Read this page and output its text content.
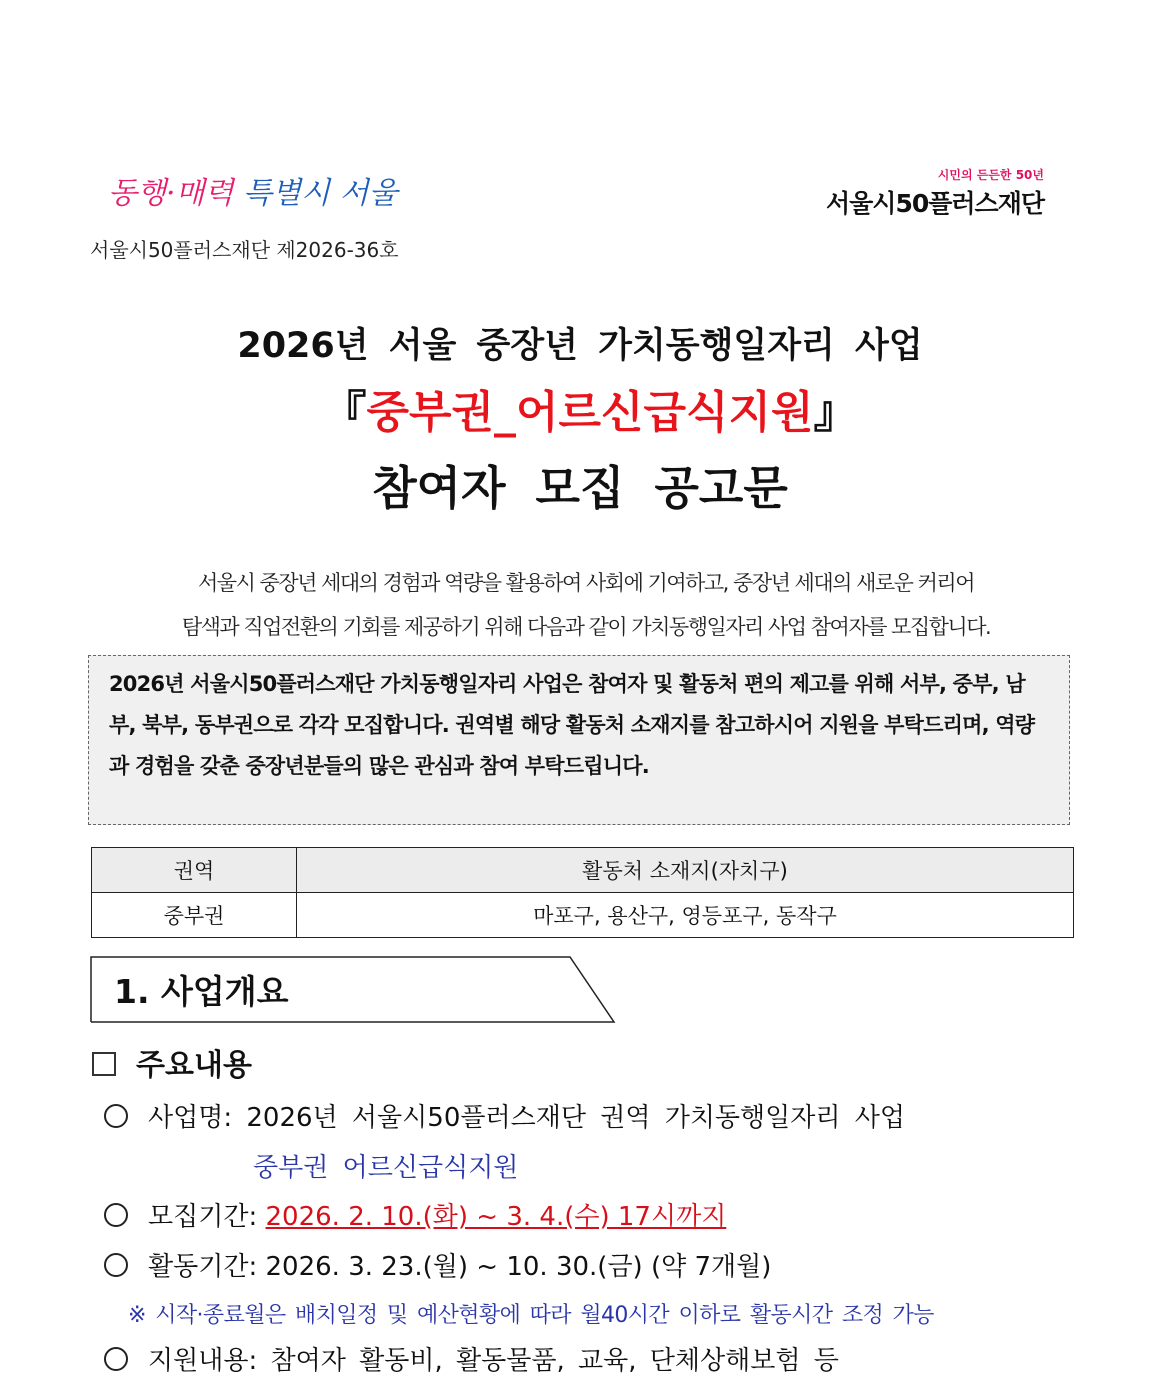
동행·매력 특별시 서울
시민의 든든한 50년
서울시50플러스재단
서울시50플러스재단 제2026-36호
2026년 서울 중장년 가치동행일자리 사업
『중부권_어르신급식지원』
참여자 모집 공고문
서울시 중장년 세대의 경험과 역량을 활용하여 사회에 기여하고, 중장년 세대의 새로운 커리어
탐색과 직업전환의 기회를 제공하기 위해 다음과 같이 가치동행일자리 사업 참여자를 모집합니다.
2026년 서울시50플러스재단 가치동행일자리 사업은 참여자 및 활동처 편의 제고를 위해 서부, 중부, 남부, 북부, 동부권으로 각각 모집합니다. 권역별 해당 활동처 소재지를 참고하시어 지원을 부탁드리며, 역량과 경험을 갖춘 중장년분들의 많은 관심과 참여 부탁드립니다.
권역	활동처 소재지(자치구)
중부권	마포구, 용산구, 영등포구, 동작구
1. 사업개요
주요내용
사업명: 2026년 서울시50플러스재단 권역 가치동행일자리 사업
중부권 어르신급식지원
모집기간: 2026. 2. 10.(화) ~ 3. 4.(수) 17시까지
활동기간: 2026. 3. 23.(월) ~ 10. 30.(금) (약 7개월)
※ 시작·종료월은 배치일정 및 예산현황에 따라 월40시간 이하로 활동시간 조정 가능
지원내용: 참여자 활동비, 활동물품, 교육, 단체상해보험 등
